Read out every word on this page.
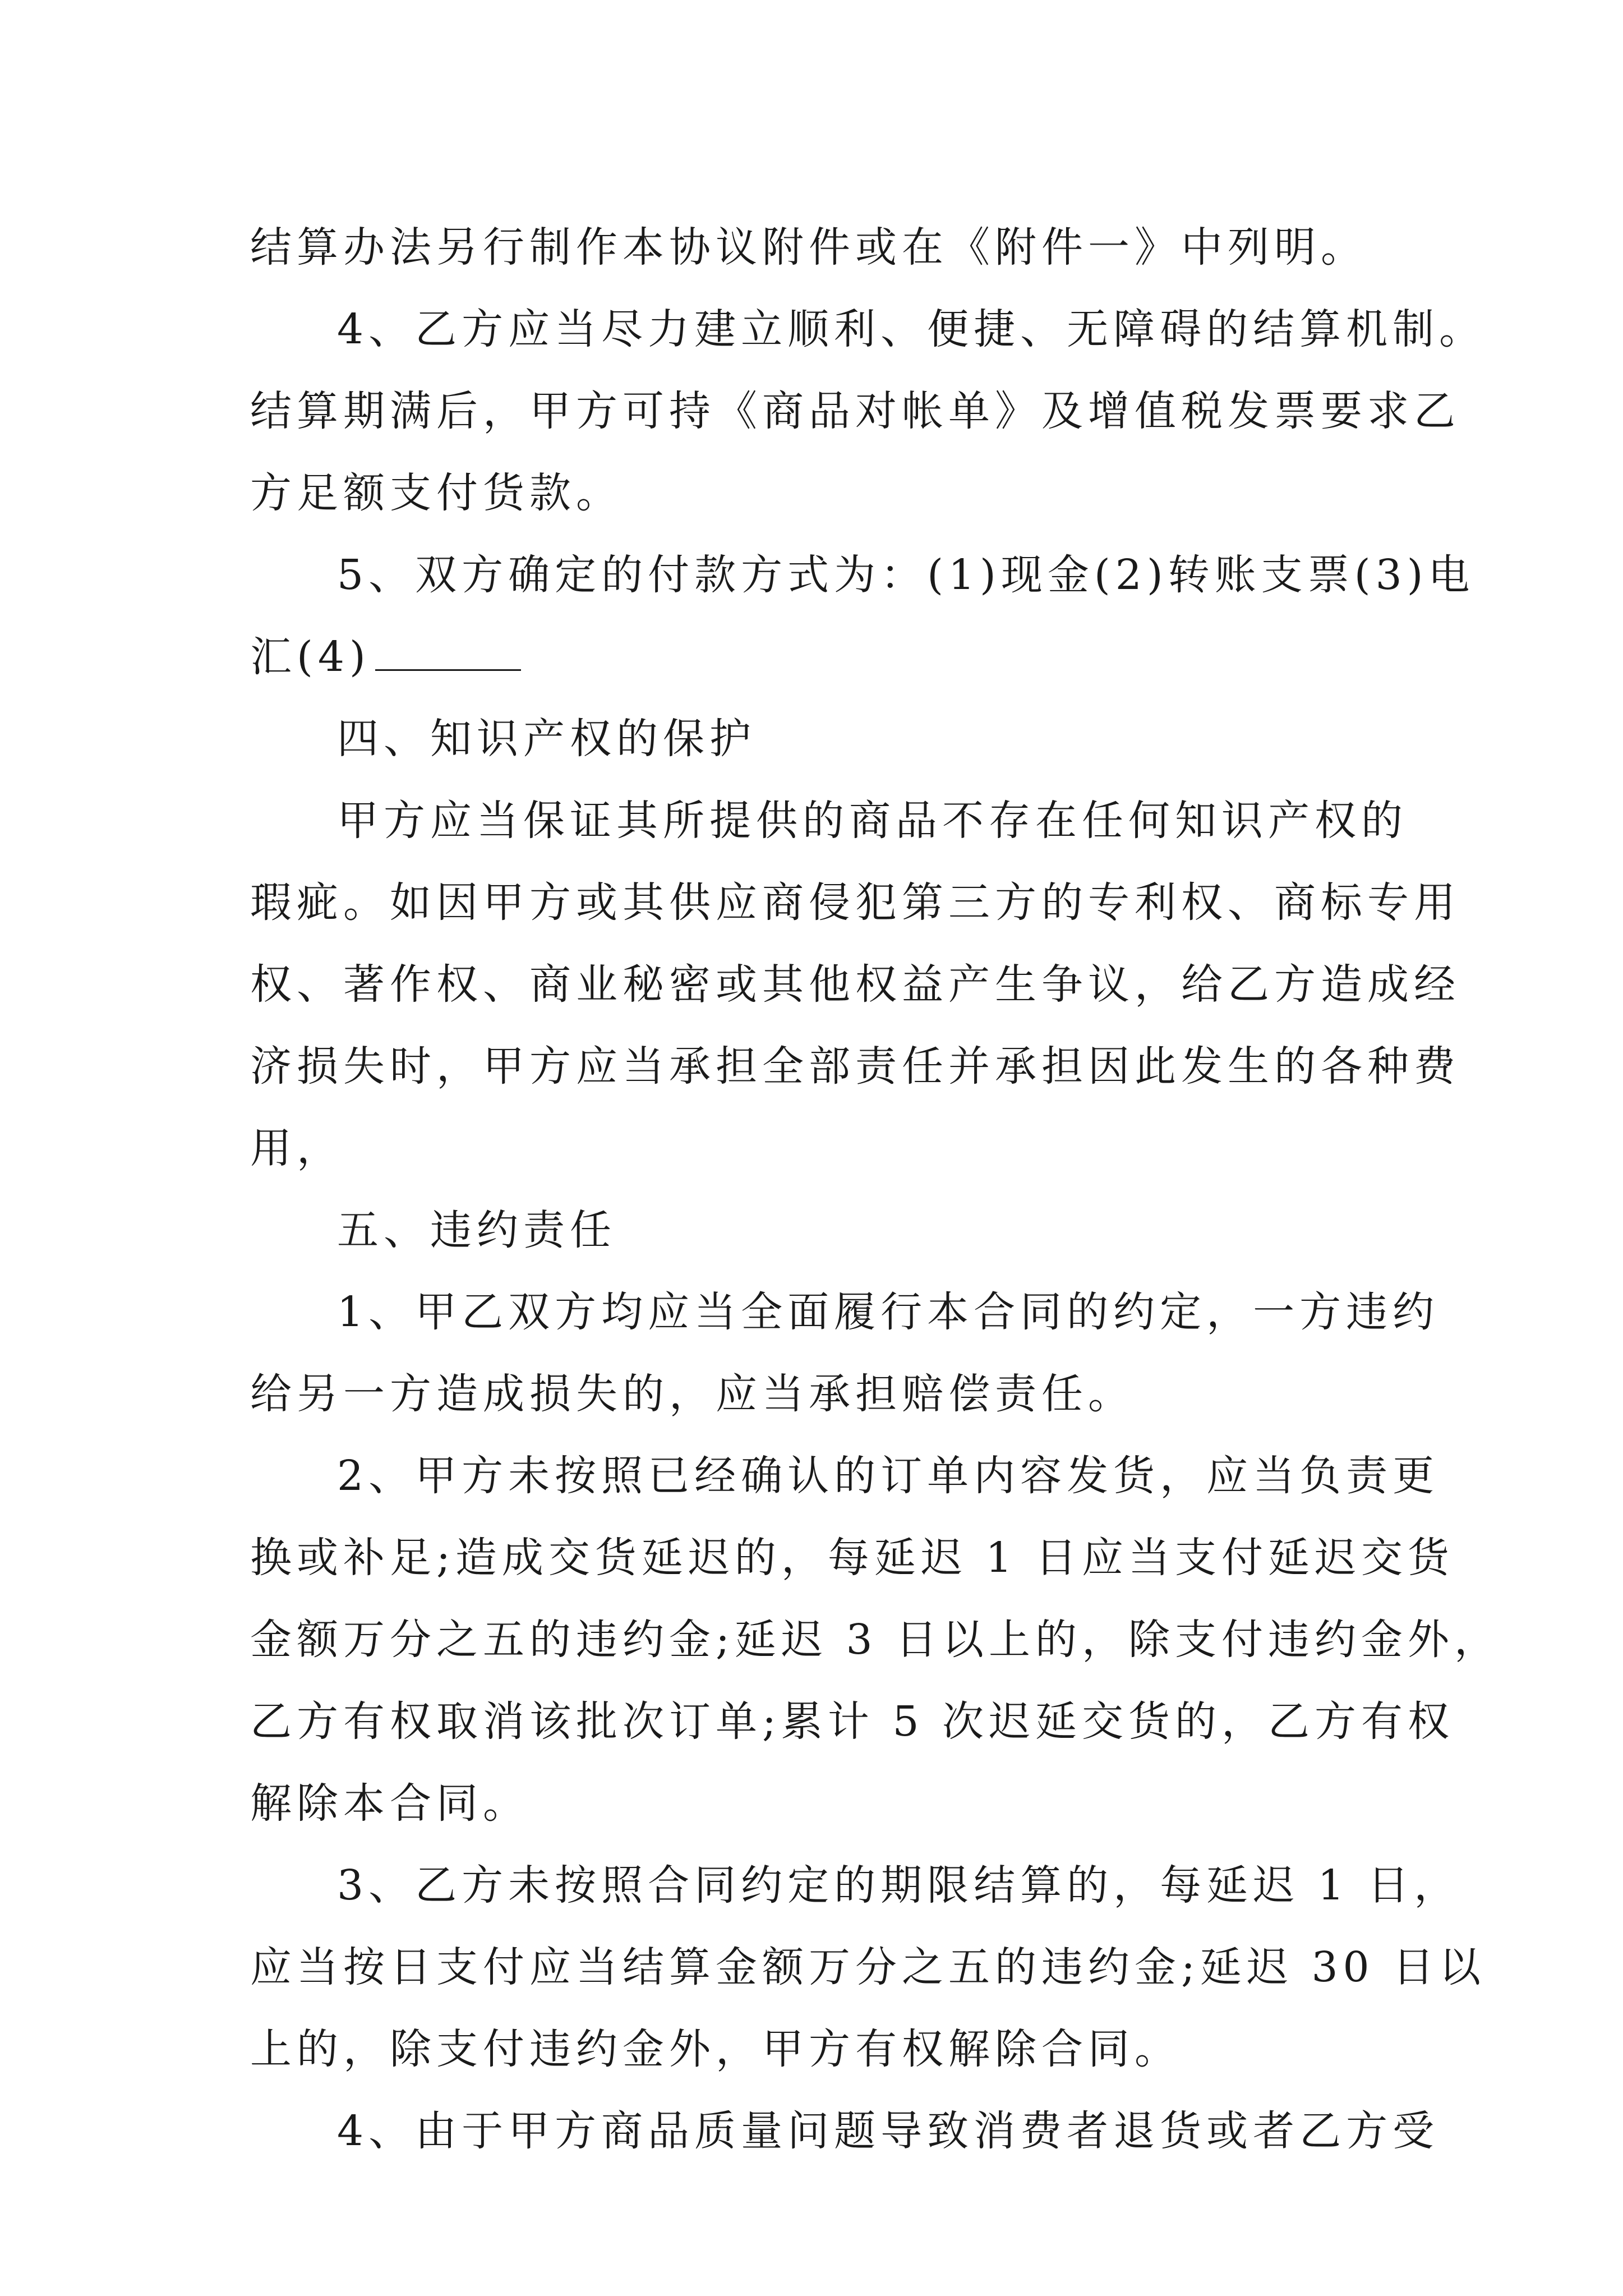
结算办法另行制作本协议附件或在《附件一》中列明。
4、乙方应当尽力建立顺利、便捷、无障碍的结算机制。
结算期满后，甲方可持《商品对帐单》及增值税发票要求乙
方足额支付货款。
5、双方确定的付款方式为：(1)现金(2)转账支票(3)电
汇(4)
四、知识产权的保护
甲方应当保证其所提供的商品不存在任何知识产权的
瑕疵。如因甲方或其供应商侵犯第三方的专利权、商标专用
权、著作权、商业秘密或其他权益产生争议，给乙方造成经
济损失时，甲方应当承担全部责任并承担因此发生的各种费
用，
五、违约责任
1、甲乙双方均应当全面履行本合同的约定，一方违约
给另一方造成损失的，应当承担赔偿责任。
2、甲方未按照已经确认的订单内容发货，应当负责更
换或补足;造成交货延迟的，每延迟 1 日应当支付延迟交货
金额万分之五的违约金;延迟 3 日以上的，除支付违约金外，
乙方有权取消该批次订单;累计 5 次迟延交货的，乙方有权
解除本合同。
3、乙方未按照合同约定的期限结算的，每延迟 1 日，
应当按日支付应当结算金额万分之五的违约金;延迟 30 日以
上的，除支付违约金外，甲方有权解除合同。
4、由于甲方商品质量问题导致消费者退货或者乙方受
